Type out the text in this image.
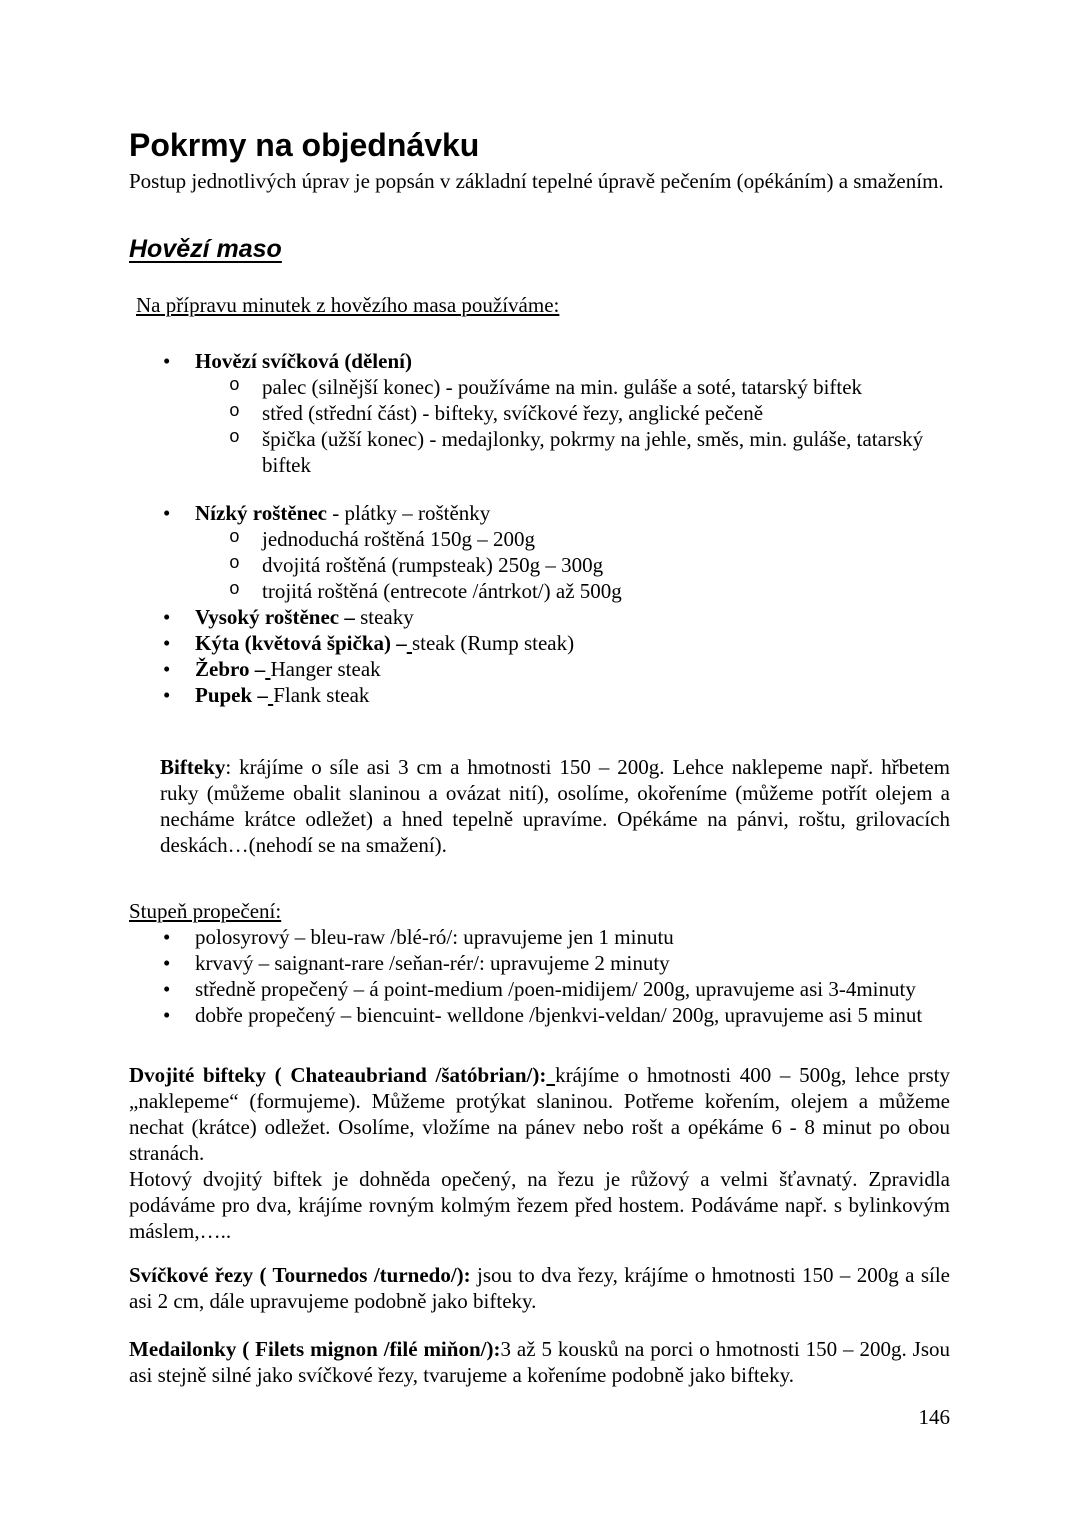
Pokrmy na objednávku

Postup jednotlivých úprav je popsán v základní tepelné úpravě pečením (opékáním) a smažením.

Hovězí maso

Na přípravu minutek z hovězího masa používáme:

• Hovězí svíčková (dělení)
o palec (silnější konec) - používáme na min. guláše a soté, tatarský biftek
o střed (střední část) - bifteky, svíčkové řezy, anglické pečeně
o špička (užší konec) - medajlonky, pokrmy na jehle, směs, min. guláše, tatarský biftek
• Nízký roštěnec - plátky – roštěnky
o jednoduchá roštěná 150g – 200g
o dvojitá roštěná (rumpsteak) 250g – 300g
o trojitá roštěná (entrecote /ántrkot/) až 500g
• Vysoký roštěnec – steaky
• Kýta (květová špička) – steak (Rump steak)
• Žebro – Hanger steak
• Pupek – Flank steak

Bifteky: krájíme o síle asi 3 cm a hmotnosti 150 – 200g. Lehce naklepeme např. hřbetem ruky (můžeme obalit slaninou a ovázat nití), osolíme, okořeníme (můžeme potřít olejem a necháme krátce odležet) a hned tepelně upravíme. Opékáme na pánvi, roštu, grilovacích deskách…(nehodí se na smažení).

Stupeň propečení:

• polosyrový – bleu-raw /blé-ró/: upravujeme jen 1 minutu
• krvavý – saignant-rare /seňan-rér/: upravujeme 2 minuty
• středně propečený – á point-medium /poen-midijem/ 200g, upravujeme asi 3-4minuty
• dobře propečený – biencuint- welldone /bjenkvi-veldan/ 200g, upravujeme asi 5 minut

Dvojité bifteky ( Chateaubriand /šatóbrian/): krájíme o hmotnosti 400 – 500g, lehce prsty „naklepeme“ (formujeme). Můžeme protýkat slaninou. Potřeme kořením, olejem a můžeme nechat (krátce) odležet. Osolíme, vložíme na pánev nebo rošt a opékáme 6 - 8 minut po obou stranách.

Hotový dvojitý biftek je dohněda opečený, na řezu je růžový a velmi šťavnatý. Zpravidla podáváme pro dva, krájíme rovným kolmým řezem před hostem. Podáváme např. s bylinkovým máslem,…..

Svíčkové řezy ( Tournedos /turnedo/): jsou to dva řezy, krájíme o hmotnosti 150 – 200g a síle asi 2 cm, dále upravujeme podobně jako bifteky.

Medailonky ( Filets mignon /filé miňon/):3 až 5 kousků na porci o hmotnosti 150 – 200g. Jsou asi stejně silné jako svíčkové řezy, tvarujeme a kořeníme podobně jako bifteky.

146
